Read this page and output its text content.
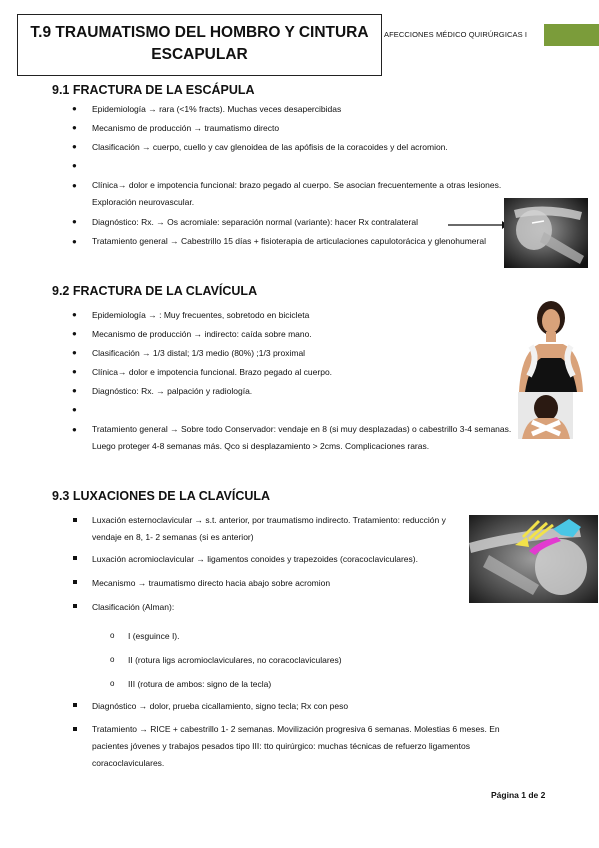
T.9 TRAUMATISMO DEL HOMBRO Y CINTURA
ESCAPULAR
AFECCIONES MÉDICO QUIRÚRGICAS I
9.1 FRACTURA DE LA ESCÁPULA
● Epidemiología → rara (<1% fracts). Muchas veces desapercibidas
● Mecanismo de producción → traumatismo directo
● Clasificación → cuerpo, cuello y cav glenoidea de las apófisis de la coracoides y del acromion.
●
● Clínica→ dolor e impotencia funcional: brazo pegado al cuerpo. Se asocian frecuentemente a otras lesiones. Exploración neurovascular.
● Diagnóstico: Rx. → Os acromiale: separación normal (variante): hacer Rx contralateral
● Tratamiento general → Cabestrillo 15 días + fisioterapia de articulaciones capulotorácica y glenohumeral
9.2 FRACTURA DE LA CLAVÍCULA
● Epidemiología → : Muy frecuentes, sobretodo en bicicleta
● Mecanismo de producción → indirecto: caída sobre mano.
● Clasificación → 1/3 distal; 1/3 medio (80%) ;1/3 proximal
● Clínica→ dolor e impotencia funcional. Brazo pegado al cuerpo.
● Diagnóstico: Rx. → palpación y radiología.
●
● Tratamiento general → Sobre todo Conservador: vendaje en 8 (si muy desplazadas) o cabestrillo 3-4 semanas. Luego proteger 4-8 semanas más. Qco si desplazamiento > 2cms. Complicaciones raras.
9.3 LUXACIONES DE LA CLAVÍCULA
Luxación esternoclavicular → s.t. anterior, por traumatismo indirecto. Tratamiento: reducción y vendaje en 8, 1- 2 semanas (si es anterior)
Luxación acromioclavicular → ligamentos conoides y trapezoides (coracoclaviculares).
Mecanismo → traumatismo directo hacia abajo sobre acromion
Clasificación (Alman):
o I (esguince I).
o II (rotura ligs acromioclaviculares, no coracoclaviculares)
o III (rotura de ambos: signo de la tecla)
Diagnóstico → dolor, prueba cicallamiento, signo tecla; Rx con peso
Tratamiento → RICE + cabestrillo 1- 2 semanas. Movilización progresiva 6 semanas. Molestias 6 meses. En pacientes jóvenes y trabajos pesados tipo III: tto quirúrgico: muchas técnicas de refuerzo ligamentos coracoclaviculares.
Página 1 de 2
